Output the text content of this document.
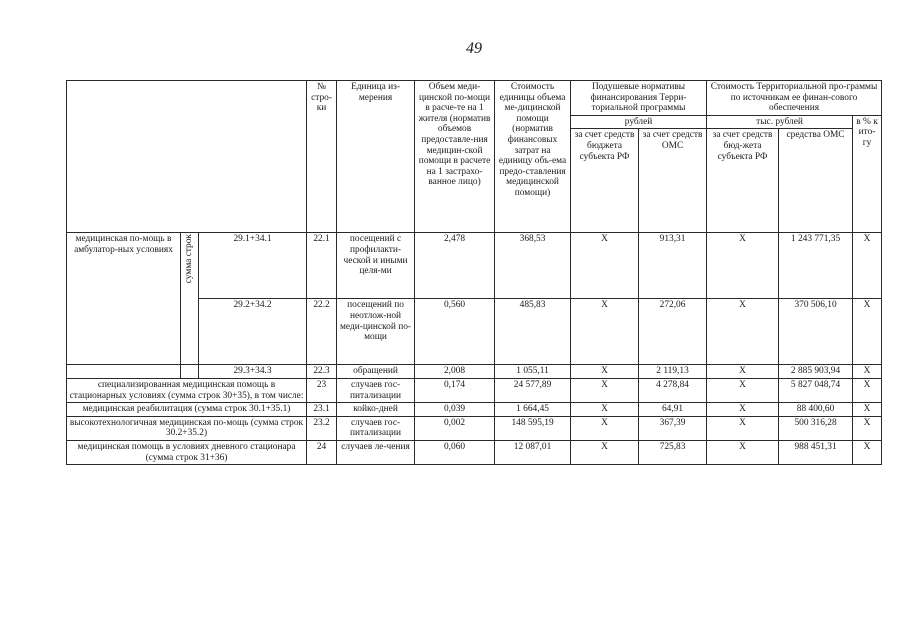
49
			№ стро-ки	Единица из-мерения	Объем меди-цинской по-мощи в расче-те на 1 жителя (норматив объемов предоставле-ния медицин-ской помощи в расчете на 1 застрахо-ванное лицо)	Стоимость единицы объема ме-дицинской помощи (норматив финансовых затрат на единицу объ-ема предо-ставления медицинской помощи)	Подушевые нормативы финансирования Терри-ториальной программы		Стоимость Территориальной про-граммы по источникам ее финан-сового обеспечения		
							рублей		тыс. рублей		в % к ито-гу
							за счет средств бюджета субъекта РФ	за счет средств ОМС	за счет средств бюд-жета субъекта РФ	средства ОМС	
медицинская по-мощь в амбулатор-ных условиях	сумма строк	29.1+34.1	22.1	посещений с профилакти-ческой и иными целя-ми	2,478	368,53	X	913,31	X	1 243 771,35	X
		29.2+34.2	22.2	посещений по неотлож-ной меди-цинской по-мощи	0,560	485,83	X	272,06	X	370 506,10	X
		29.3+34.3	22.3	обращений	2,008	1 055,11	X	2 119,13	X	2 885 903,94	X
специализированная медицинская помощь в стационарных условиях (сумма строк 30+35), в том числе:			23	случаев гос-питализации	0,174	24 577,89	X	4 278,84	X	5 827 048,74	X
медицинская реабилитация (сумма строк 30.1+35.1)			23.1	койко-дней	0,039	1 664,45	X	64,91	X	88 400,60	X
высокотехнологичная медицинская по-мощь (сумма строк 30.2+35.2)			23.2	случаев гос-питализации	0,002	148 595,19	X	367,39	X	500 316,28	X
медицинская помощь в условиях дневного стационара (сумма строк 31+36)			24	случаев ле-чения	0,060	12 087,01	X	725,83	X	988 451,31	X
